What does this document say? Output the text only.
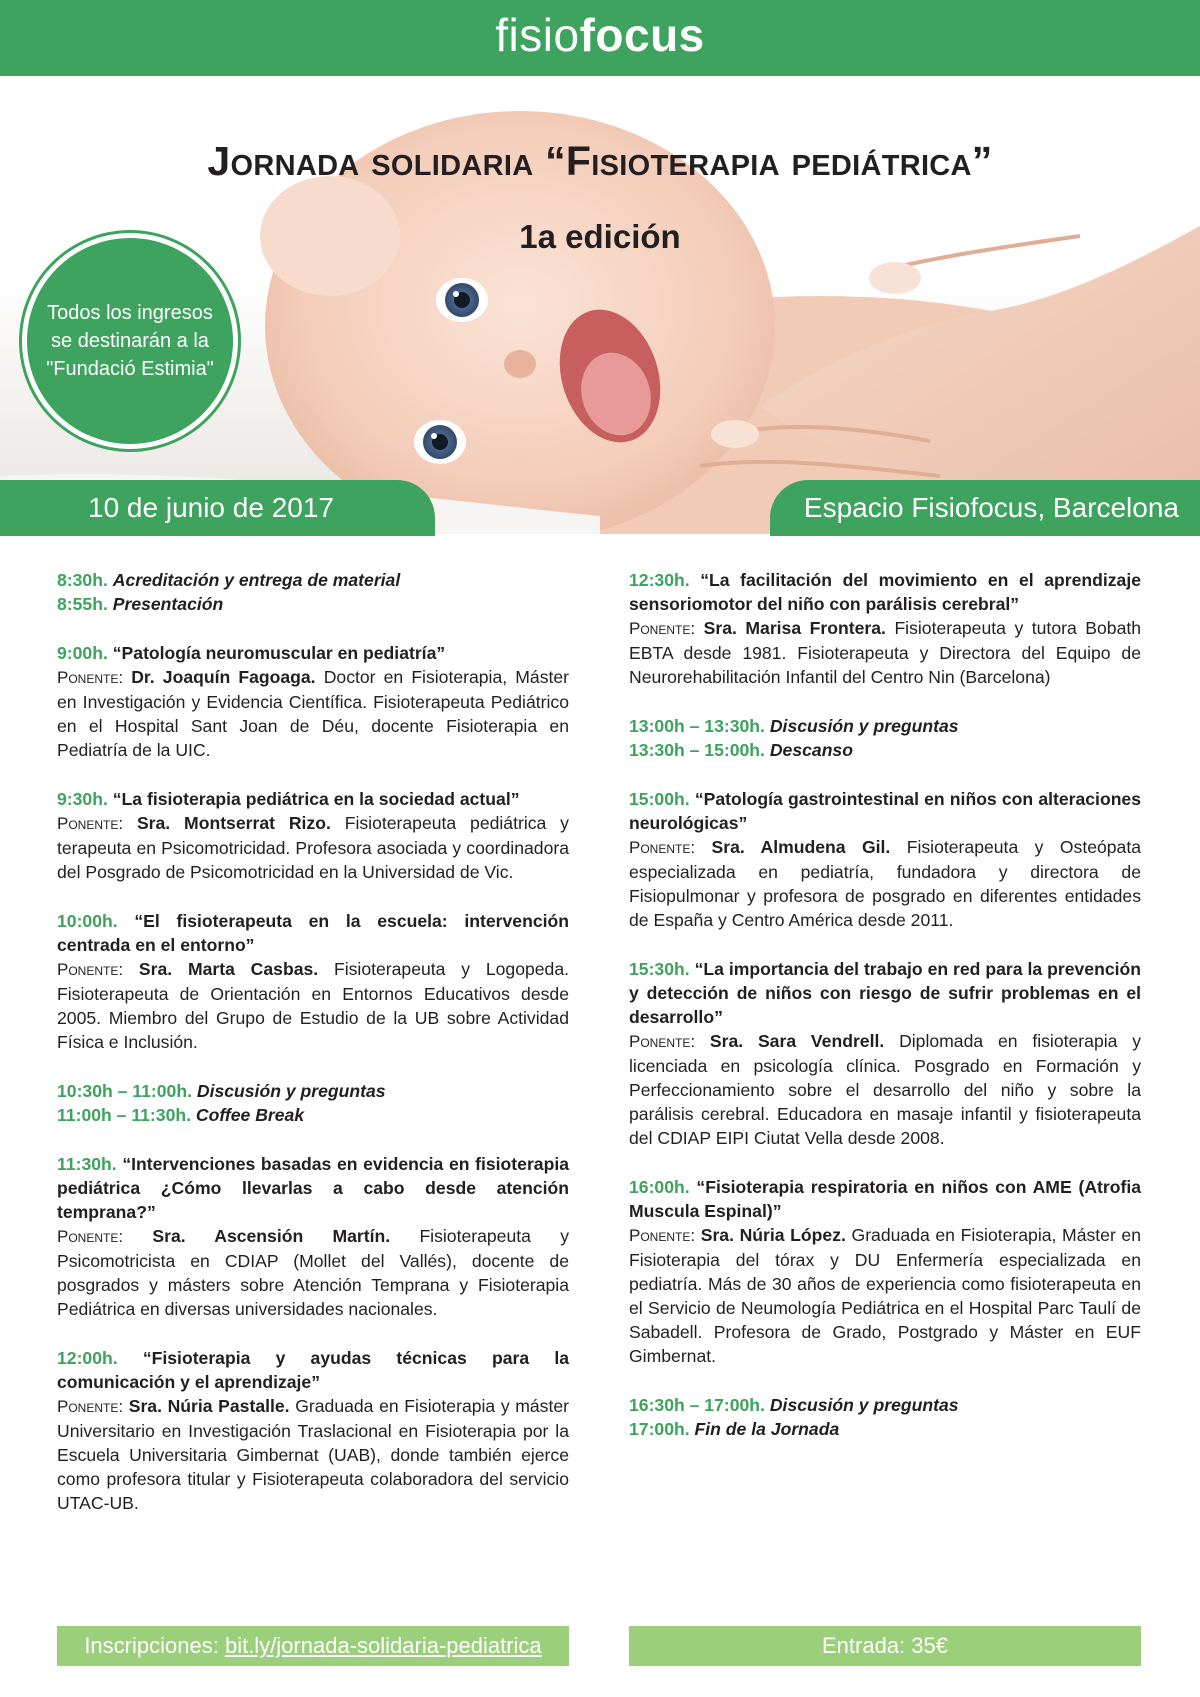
fisiofocus
Jornada solidaria “Fisioterapia pediátrica”
1a edición
Todos los ingresos se destinarán a la "Fundació Estimia"
10 de junio de 2017	Espacio Fisiofocus, Barcelona
8:30h. Acreditación y entrega de material
8:55h. Presentación
9:00h. “Patología neuromuscular en pediatría”
Ponente: Dr. Joaquín Fagoaga. Doctor en Fisioterapia, Máster en Investigación y Evidencia Científica. Fisioterapeuta Pediátrico en el Hospital Sant Joan de Déu, docente Fisioterapia en Pediatría de la UIC.
9:30h. “La fisioterapia pediátrica en la sociedad actual”
Ponente: Sra. Montserrat Rizo. Fisioterapeuta pediátrica y terapeuta en Psicomotricidad. Profesora asociada y coordinadora del Posgrado de Psicomotricidad en la Universidad de Vic.
10:00h. “El fisioterapeuta en la escuela: intervención centrada en el entorno”
Ponente: Sra. Marta Casbas. Fisioterapeuta y Logopeda. Fisioterapeuta de Orientación en Entornos Educativos desde 2005. Miembro del Grupo de Estudio de la UB sobre Actividad Física e Inclusión.
10:30h – 11:00h. Discusión y preguntas
11:00h – 11:30h. Coffee Break
11:30h. “Intervenciones basadas en evidencia en fisioterapia pediátrica ¿Cómo llevarlas a cabo desde atención temprana?”
Ponente: Sra. Ascensión Martín. Fisioterapeuta y Psicomotricista en CDIAP (Mollet del Vallés), docente de posgrados y másters sobre Atención Temprana y Fisioterapia Pediátrica en diversas universidades nacionales.
12:00h. “Fisioterapia y ayudas técnicas para la comunicación y el aprendizaje”
Ponente: Sra. Núria Pastalle. Graduada en Fisioterapia y máster Universitario en Investigación Traslacional en Fisioterapia por la Escuela Universitaria Gimbernat (UAB), donde también ejerce como profesora titular y Fisioterapeuta colaboradora del servicio UTAC-UB.
12:30h. “La facilitación del movimiento en el aprendizaje sensoriomotor del niño con parálisis cerebral”
Ponente: Sra. Marisa Frontera. Fisioterapeuta y tutora Bobath EBTA desde 1981. Fisioterapeuta y Directora del Equipo de Neurorehabilitación Infantil del Centro Nin (Barcelona)
13:00h – 13:30h. Discusión y preguntas
13:30h – 15:00h. Descanso
15:00h. “Patología gastrointestinal en niños con alteraciones neurológicas”
Ponente: Sra. Almudena Gil. Fisioterapeuta y Osteópata especializada en pediatría, fundadora y directora de Fisiopulmonar y profesora de posgrado en diferentes entidades de España y Centro América desde 2011.
15:30h. “La importancia del trabajo en red para la prevención y detección de niños con riesgo de sufrir problemas en el desarrollo”
Ponente: Sra. Sara Vendrell. Diplomada en fisioterapia y licenciada en psicología clínica. Posgrado en Formación y Perfeccionamiento sobre el desarrollo del niño y sobre la parálisis cerebral. Educadora en masaje infantil y fisioterapeuta del CDIAP EIPI Ciutat Vella desde 2008.
16:00h. “Fisioterapia respiratoria en niños con AME (Atrofia Muscula Espinal)”
Ponente: Sra. Núria López. Graduada en Fisioterapia, Máster en Fisioterapia del tórax y DU Enfermería especializada en pediatría. Más de 30 años de experiencia como fisioterapeuta en el Servicio de Neumología Pediátrica en el Hospital Parc Taulí de Sabadell. Profesora de Grado, Postgrado y Máster en EUF Gimbernat.
16:30h – 17:00h. Discusión y preguntas
17:00h. Fin de la Jornada
Inscripciones: bit.ly/jornada-solidaria-pediatrica	Entrada: 35€
